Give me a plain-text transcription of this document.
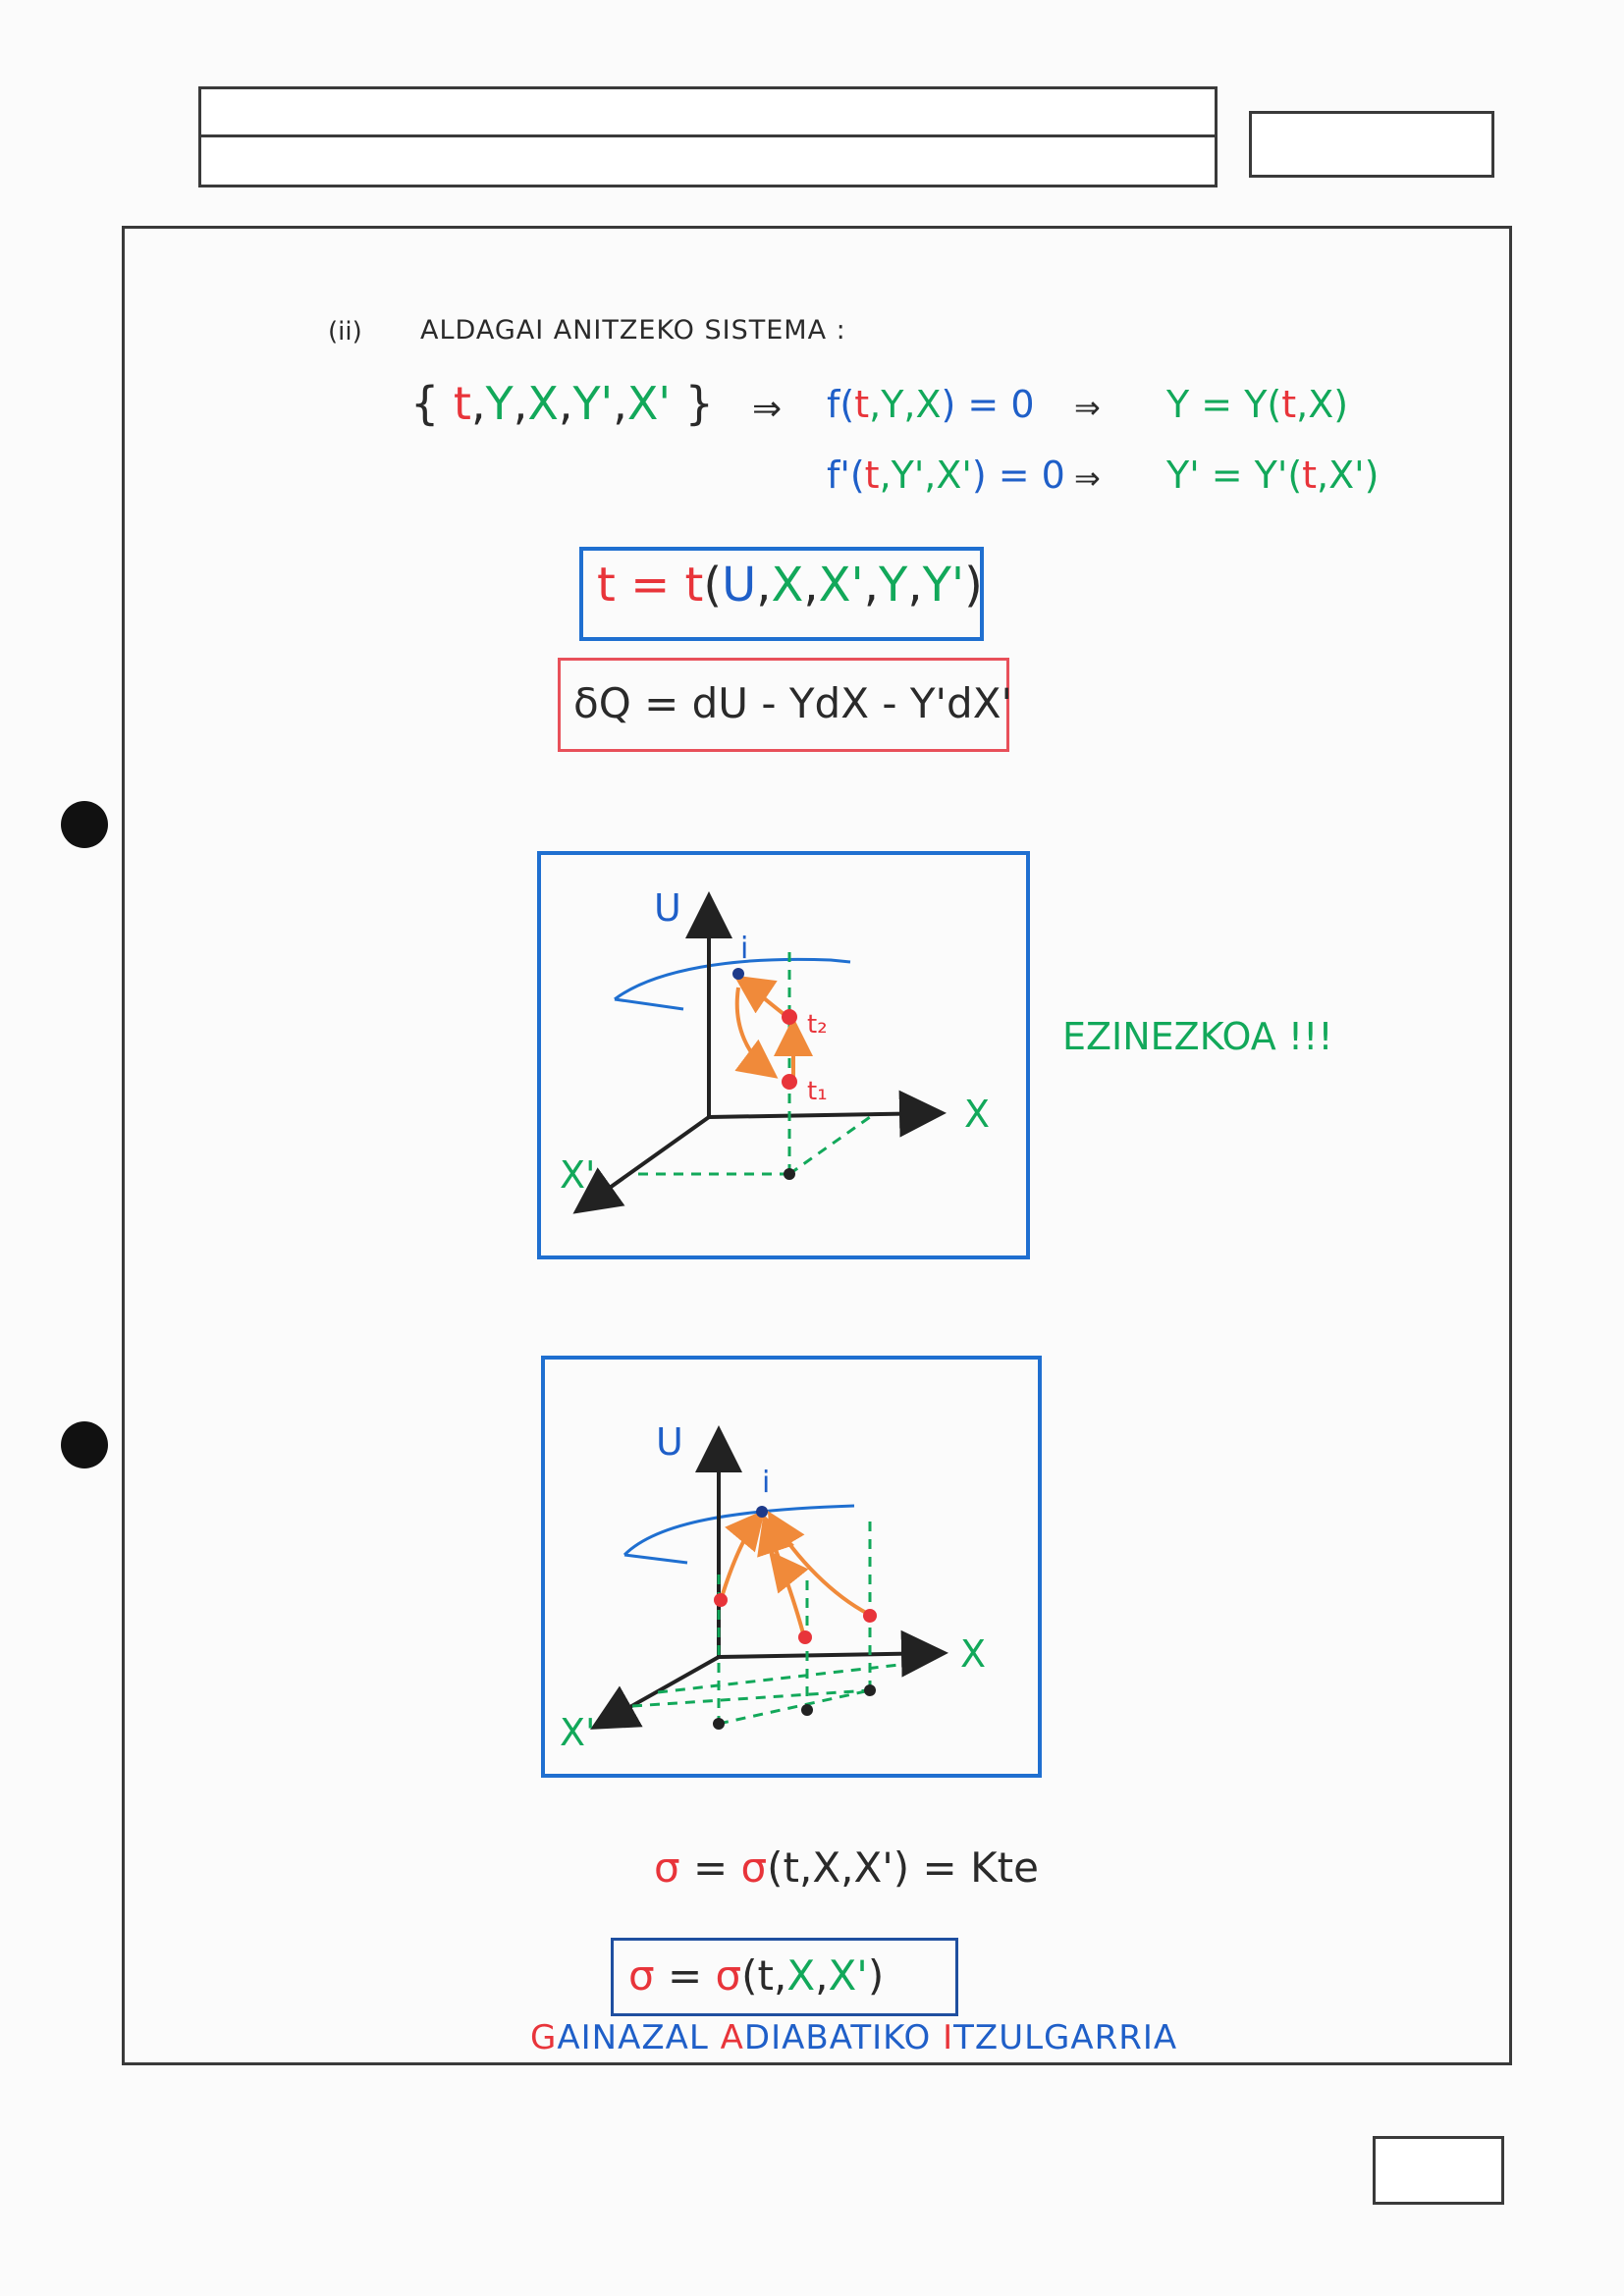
(ii) ALDAGAI ANITZEKO SISTEMA :
{ t,Y,X,Y',X' } ⇒ f(t,Y,X) = 0 ⇒ Y = Y(t,X)
f'(t,Y',X') = 0 ⇒ Y' = Y'(t,X')
t = t(U,X,X',Y,Y')
δQ = dU - YdX - Y'dX'
U
i
t₂
t₁
X
X'
EZINEZKOA !!!
U
i
X
X'
σ = σ(t,X,X') = Kte
σ = σ(t,X,X')
GAINAZAL ADIABATIKO ITZULGARRIA
